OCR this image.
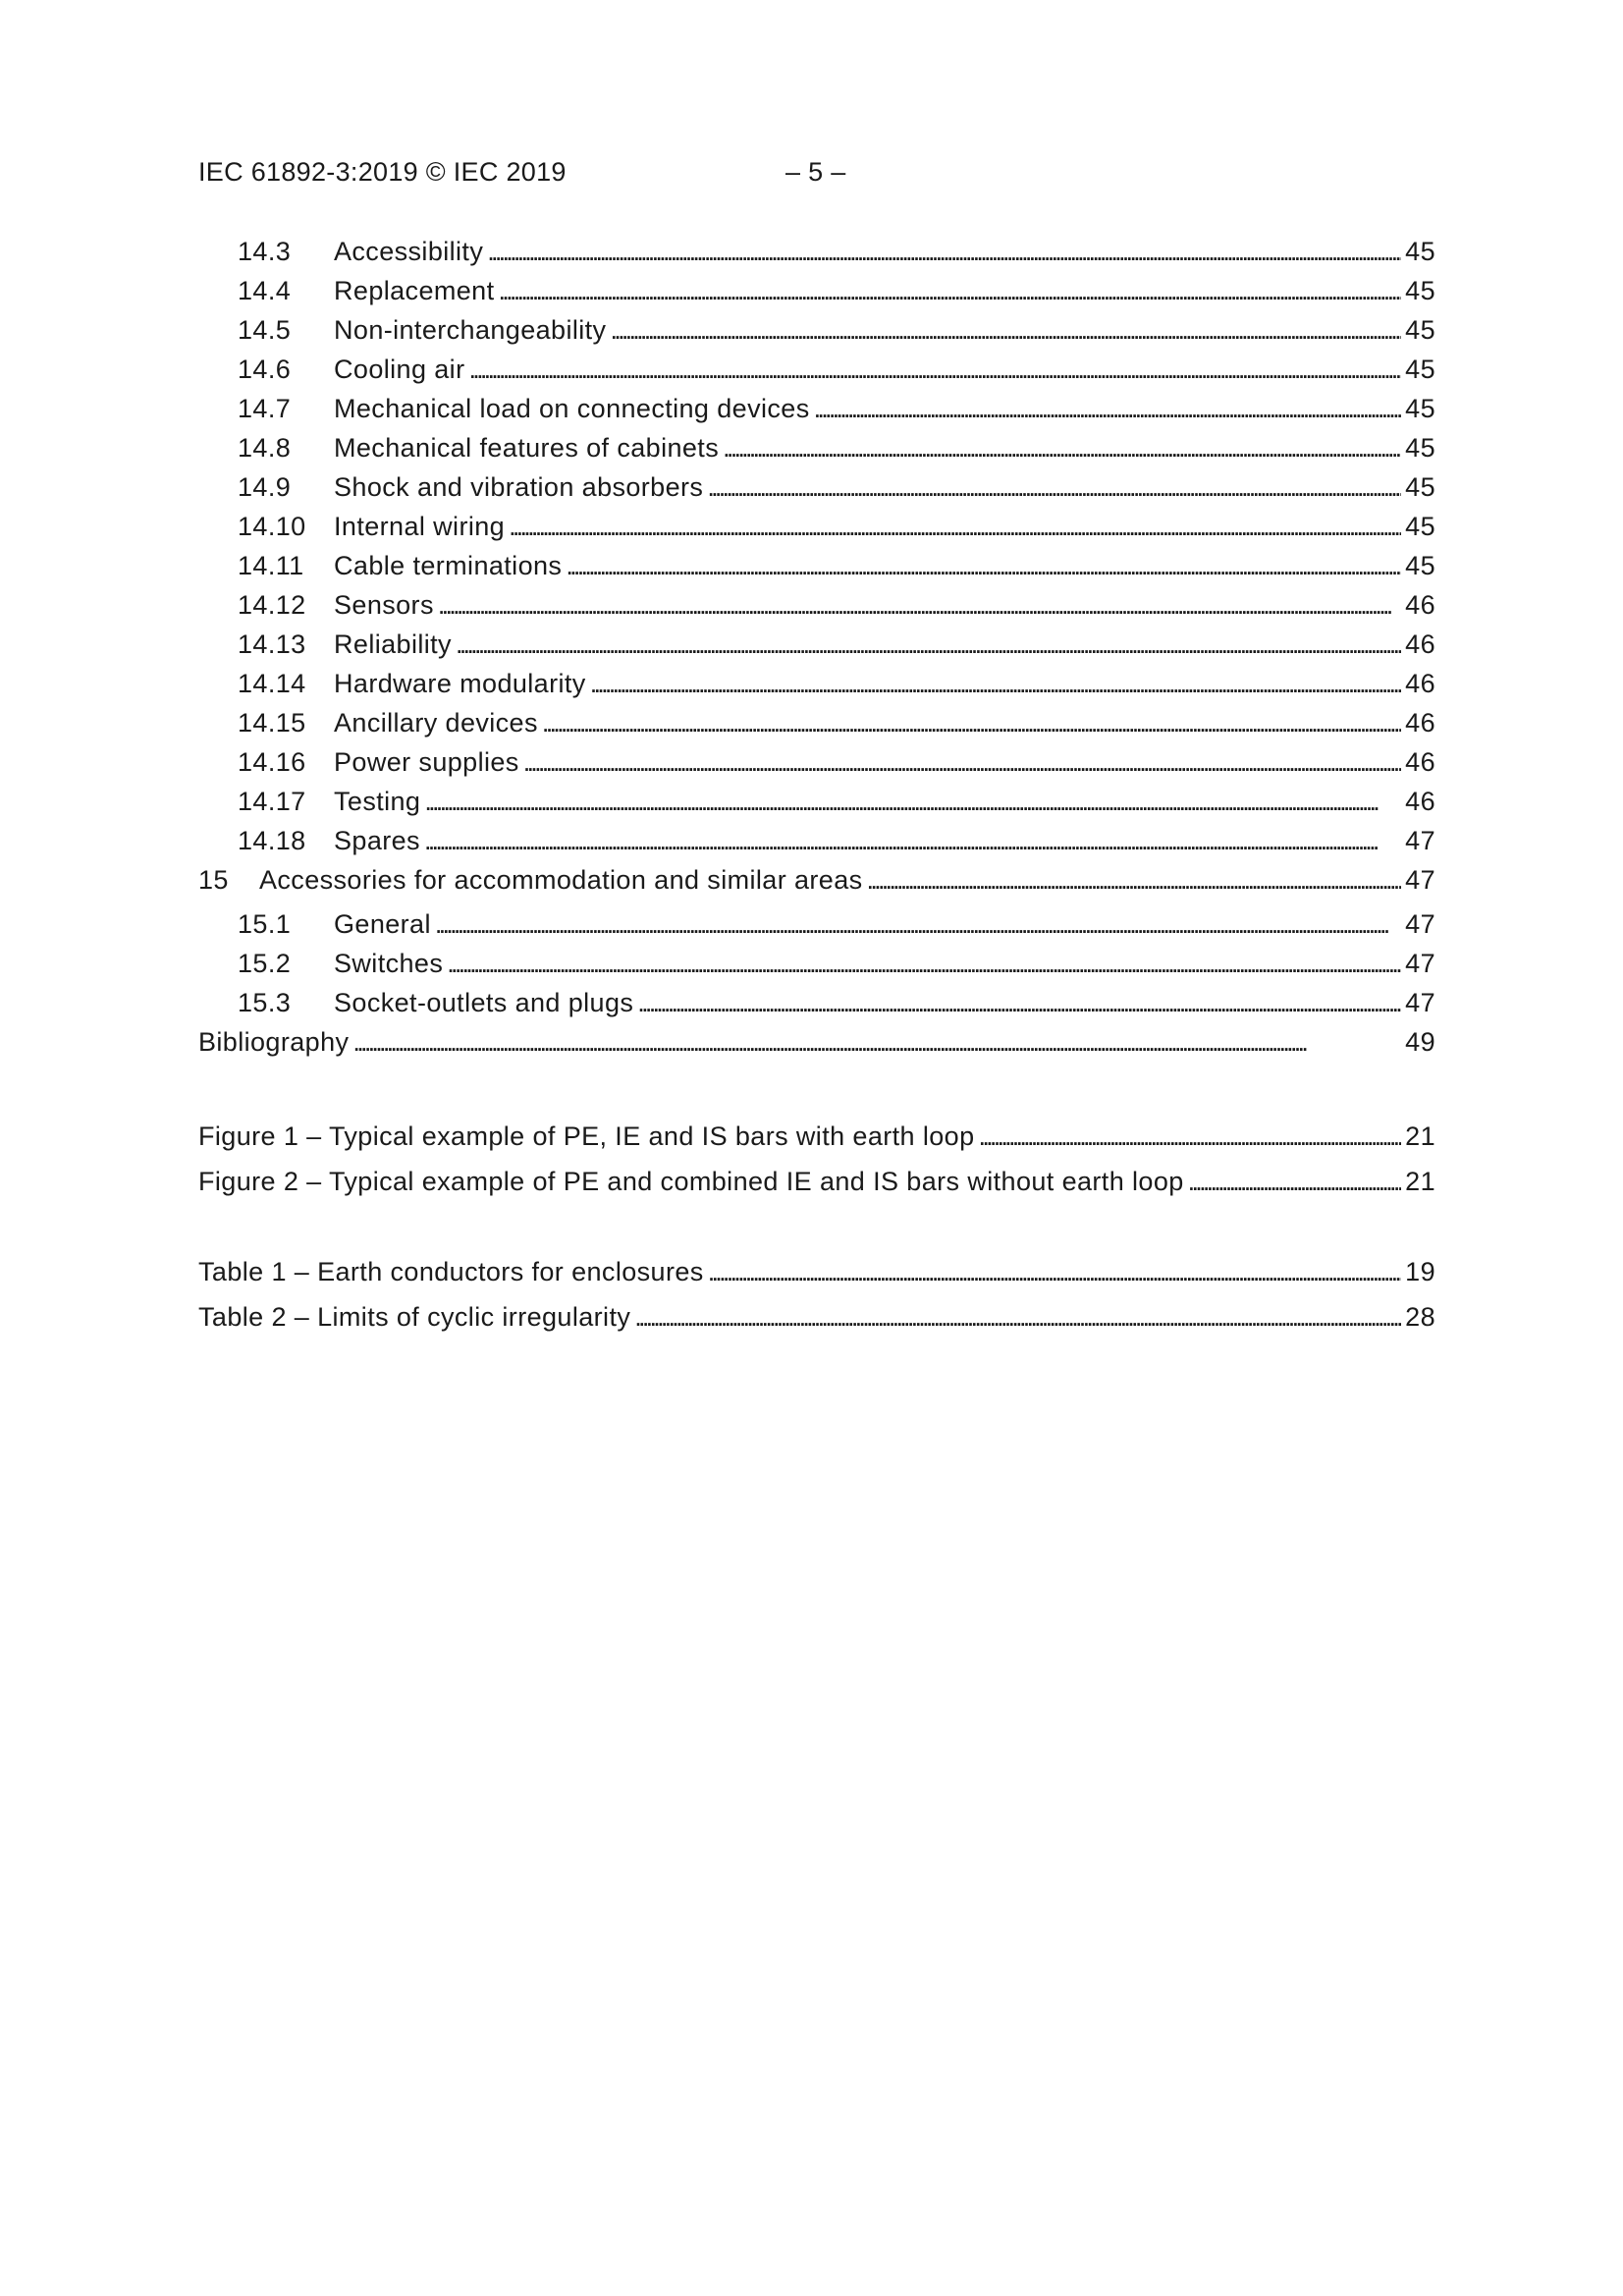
IEC 61892-3:2019 © IEC 2019	– 5 –
14.3	Accessibility . . .	45
14.4	Replacement . . .	45
14.5	Non-interchangeability . . .	45
14.6	Cooling air . . .	45
14.7	Mechanical load on connecting devices . . .	45
14.8	Mechanical features of cabinets . . .	45
14.9	Shock and vibration absorbers . . .	45
14.10	Internal wiring . . .	45
14.11	Cable terminations . . .	45
14.12	Sensors . . .	46
14.13	Reliability . . .	46
14.14	Hardware modularity . . .	46
14.15	Ancillary devices . . .	46
14.16	Power supplies . . .	46
14.17	Testing . . .	46
14.18	Spares . . .	47
15	Accessories for accommodation and similar areas . . .	47
15.1	General . . .	47
15.2	Switches . . .	47
15.3	Socket-outlets and plugs . . .	47
Bibliography . . .	49
Figure 1 – Typical example of PE, IE and IS bars with earth loop . . .	21
Figure 2 – Typical example of PE and combined IE and IS bars without earth loop . . .	21
Table 1 – Earth conductors for enclosures . . .	19
Table 2 – Limits of cyclic irregularity . . .	28
